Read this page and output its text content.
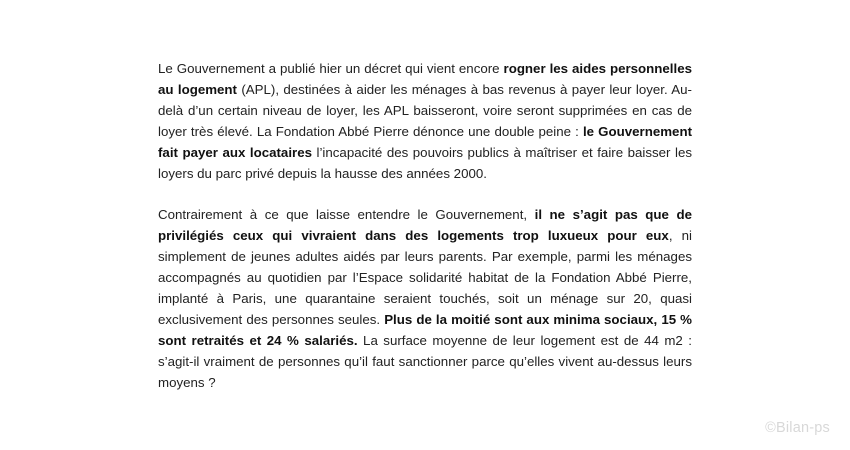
Le Gouvernement a publié hier un décret qui vient encore rogner les aides personnelles au logement (APL), destinées à aider les ménages à bas revenus à payer leur loyer. Au-delà d’un certain niveau de loyer, les APL baisseront, voire seront supprimées en cas de loyer très élevé. La Fondation Abbé Pierre dénonce une double peine : le Gouvernement fait payer aux locataires l’incapacité des pouvoirs publics à maîtriser et faire baisser les loyers du parc privé depuis la hausse des années 2000.

Contrairement à ce que laisse entendre le Gouvernement, il ne s’agit pas que de privilégiés ceux qui vivraient dans des logements trop luxueux pour eux, ni simplement de jeunes adultes aidés par leurs parents. Par exemple, parmi les ménages accompagnés au quotidien par l’Espace solidarité habitat de la Fondation Abbé Pierre, implanté à Paris, une quarantaine seraient touchés, soit un ménage sur 20, quasi exclusivement des personnes seules. Plus de la moitié sont aux minima sociaux, 15 % sont retraités et 24 % salariés. La surface moyenne de leur logement est de 44 m2 : s’agit-il vraiment de personnes qu’il faut sanctionner parce qu’elles vivent au-dessus leurs moyens ?

©Bilan-ps
